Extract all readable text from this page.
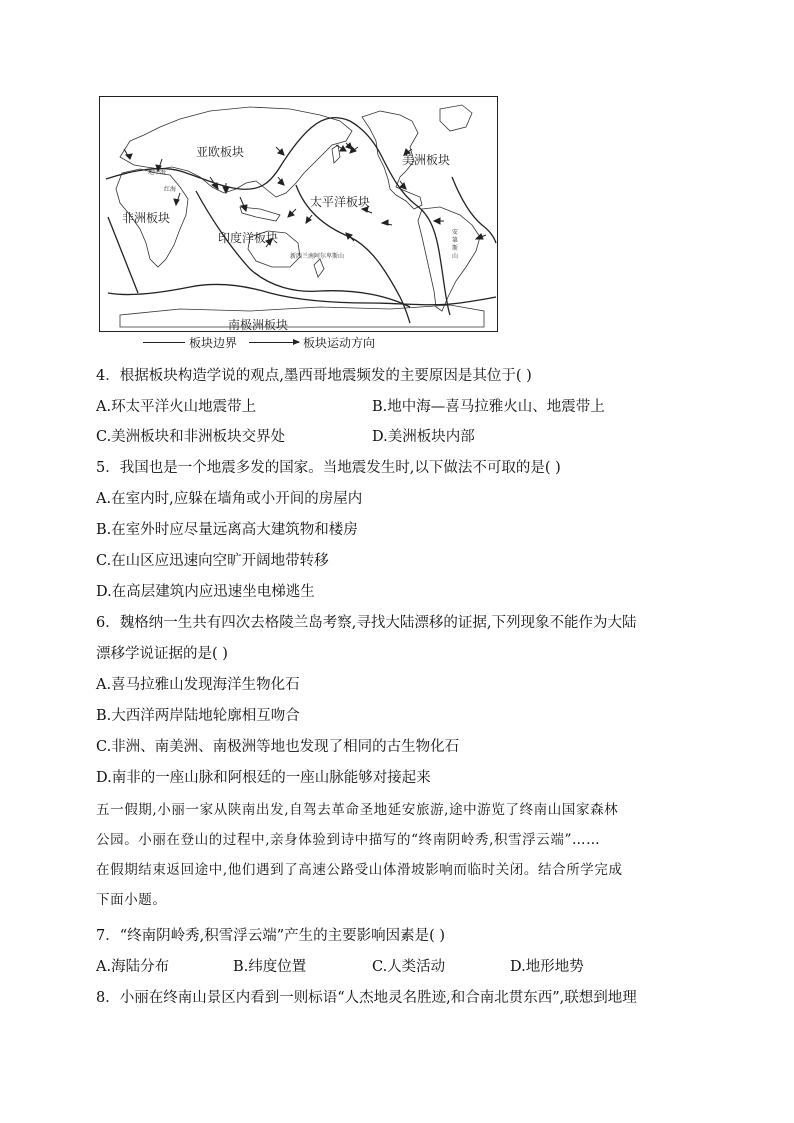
亚欧板块
美洲板块
非洲板块
太平洋板块
印度洋板块
南极洲板块
地中海
红海
安第斯山
新西兰南阿尔卑斯山
板块边界	板块运动方向
4．根据板块构造学说的观点,墨西哥地震频发的主要原因是其位于( )
A.环太平洋火山地震带上	B.地中海—喜马拉雅火山、地震带上
C.美洲板块和非洲板块交界处	D.美洲板块内部
5．我国也是一个地震多发的国家。当地震发生时,以下做法不可取的是( )
A.在室内时,应躲在墙角或小开间的房屋内
B.在室外时应尽量远离高大建筑物和楼房
C.在山区应迅速向空旷开阔地带转移
D.在高层建筑内应迅速坐电梯逃生
6．魏格纳一生共有四次去格陵兰岛考察,寻找大陆漂移的证据,下列现象不能作为大陆
漂移学说证据的是( )
A.喜马拉雅山发现海洋生物化石
B.大西洋两岸陆地轮廓相互吻合
C.非洲、南美洲、南极洲等地也发现了相同的古生物化石
D.南非的一座山脉和阿根廷的一座山脉能够对接起来
五一假期,小丽一家从陕南出发,自驾去革命圣地延安旅游,途中游览了终南山国家森林
公园。小丽在登山的过程中,亲身体验到诗中描写的“终南阴岭秀,积雪浮云端”……
在假期结束返回途中,他们遇到了高速公路受山体滑坡影响而临时关闭。结合所学完成
下面小题。
7．“终南阴岭秀,积雪浮云端”产生的主要影响因素是( )
A.海陆分布	B.纬度位置	C.人类活动	D.地形地势
8．小丽在终南山景区内看到一则标语“人杰地灵名胜迹,和合南北贯东西”,联想到地理
